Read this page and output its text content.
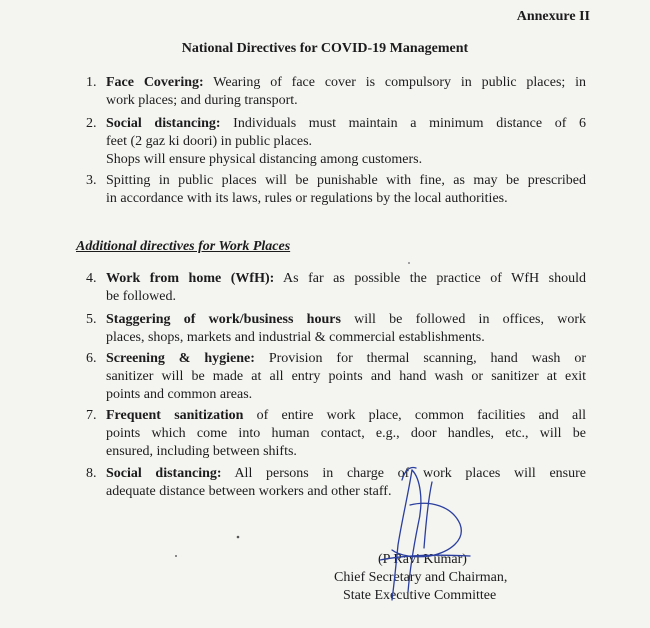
Annexure II
National Directives for COVID-19 Management
1. Face Covering: Wearing of face cover is compulsory in public places; in
work places; and during transport.
2. Social distancing: Individuals must maintain a minimum distance of 6
feet (2 gaz ki doori) in public places.
Shops will ensure physical distancing among customers.
3. Spitting in public places will be punishable with fine, as may be prescribed
in accordance with its laws, rules or regulations by the local authorities.
Additional directives for Work Places
4. Work from home (WfH): As far as possible the practice of WfH should
be followed.
5. Staggering of work/business hours will be followed in offices, work
places, shops, markets and industrial & commercial establishments.
6. Screening & hygiene: Provision for thermal scanning, hand wash or
sanitizer will be made at all entry points and hand wash or sanitizer at exit
points and common areas.
7. Frequent sanitization of entire work place, common facilities and all
points which come into human contact, e.g., door handles, etc., will be
ensured, including between shifts.
8. Social distancing: All persons in charge of work places will ensure
adequate distance between workers and other staff.
(P Ravi Kumar)
Chief Secretary and Chairman,
State Executive Committee
